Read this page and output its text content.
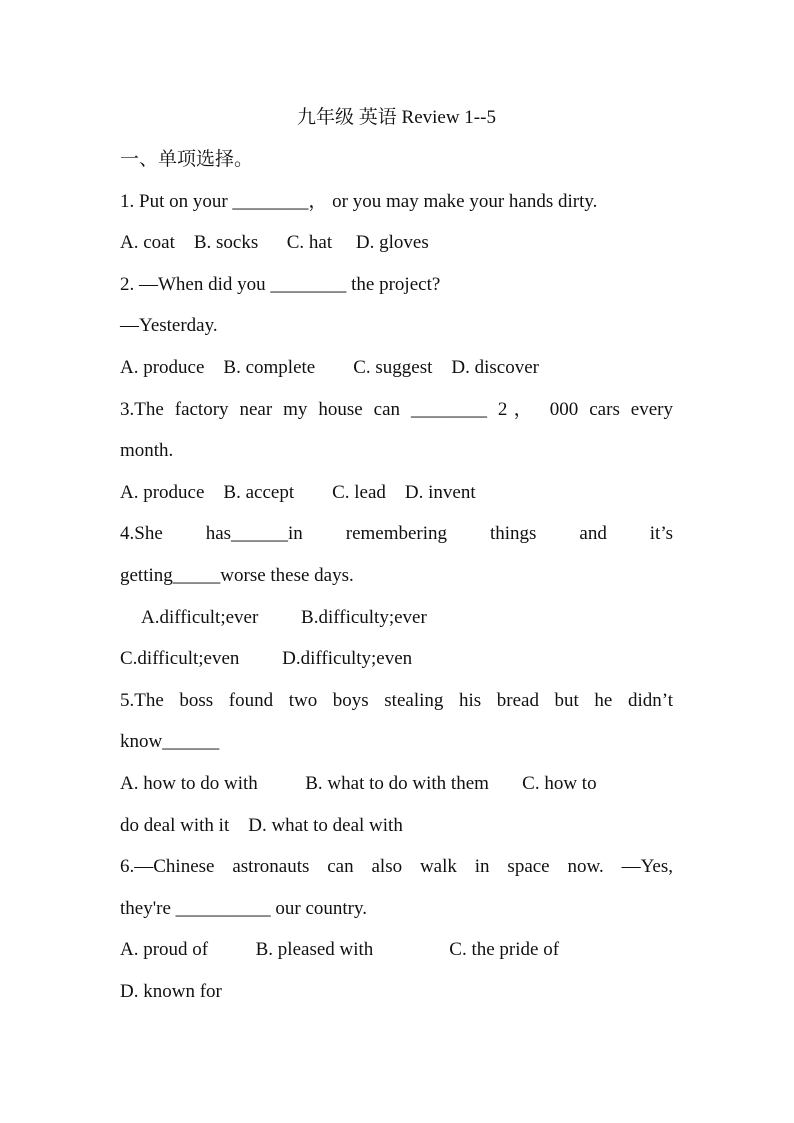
九年级 英语 Review 1--5
一、单项选择。
1. Put on your ________， or you may make your hands dirty.
A. coat    B. socks      C. hat     D. gloves
2. —When did you ________ the project?
—Yesterday.
A. produce    B. complete        C. suggest    D. discover
3.The factory near my house can ________ 2， 000 cars every
month.
A. produce    B. accept        C. lead    D. invent
4.She has______in remembering things and it’s
getting_____worse these days.
A.difficult;ever         B.difficulty;ever
C.difficult;even         D.difficulty;even
5.The boss found two boys stealing his bread but he didn’t
know______
A. how to do with          B. what to do with them       C. how to
do deal with it    D. what to deal with
6.—Chinese astronauts can also walk in space now. —Yes,
they're __________ our country.
A. proud of          B. pleased with                C. the pride of
D. known for
